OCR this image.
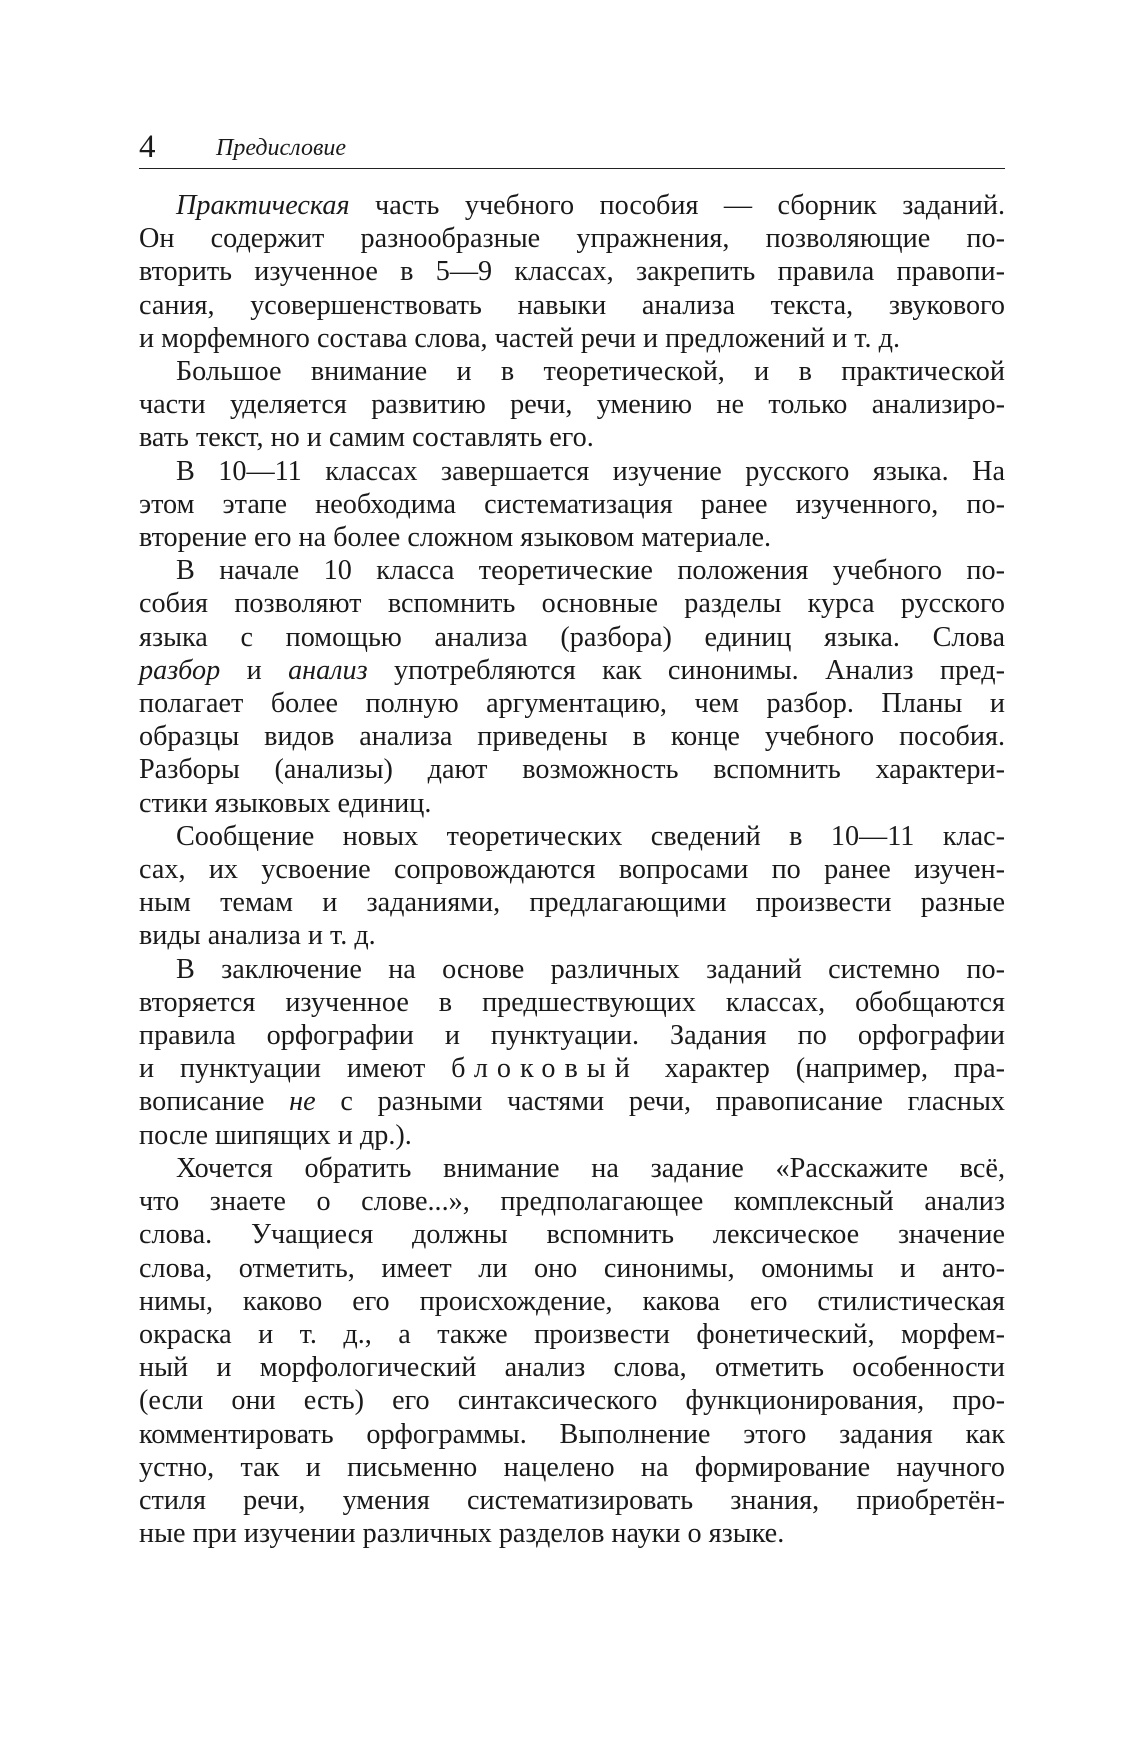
4	Предисловие

Практическая часть учебного пособия — сборник заданий.
Он содержит разнообразные упражнения, позволяющие по-
вторить изученное в 5—9 классах, закрепить правила правопи-
сания, усовершенствовать навыки анализа текста, звукового
и морфемного состава слова, частей речи и предложений и т. д.

Большое внимание и в теоретической, и в практической
части уделяется развитию речи, умению не только анализиро-
вать текст, но и самим составлять его.

В 10—11 классах завершается изучение русского языка. На
этом этапе необходима систематизация ранее изученного, по-
вторение его на более сложном языковом материале.

В начале 10 класса теоретические положения учебного по-
собия позволяют вспомнить основные разделы курса русского
языка с помощью анализа (разбора) единиц языка. Слова
разбор и анализ употребляются как синонимы. Анализ пред-
полагает более полную аргументацию, чем разбор. Планы и
образцы видов анализа приведены в конце учебного пособия.
Разборы (анализы) дают возможность вспомнить характери-
стики языковых единиц.

Сообщение новых теоретических сведений в 10—11 клас-
сах, их усвоение сопровождаются вопросами по ранее изучен-
ным темам и заданиями, предлагающими произвести разные
виды анализа и т. д.

В заключение на основе различных заданий системно по-
вторяется изученное в предшествующих классах, обобщаются
правила орфографии и пунктуации. Задания по орфографии
и пунктуации имеют блоковый характер (например, пра-
вописание не с разными частями речи, правописание гласных
после шипящих и др.).

Хочется обратить внимание на задание «Расскажите всё,
что знаете о слове...», предполагающее комплексный анализ
слова. Учащиеся должны вспомнить лексическое значение
слова, отметить, имеет ли оно синонимы, омонимы и анто-
нимы, каково его происхождение, какова его стилистическая
окраска и т. д., а также произвести фонетический, морфем-
ный и морфологический анализ слова, отметить особенности
(если они есть) его синтаксического функционирования, про-
комментировать орфограммы. Выполнение этого задания как
устно, так и письменно нацелено на формирование научного
стиля речи, умения систематизировать знания, приобретён-
ные при изучении различных разделов науки о языке.
